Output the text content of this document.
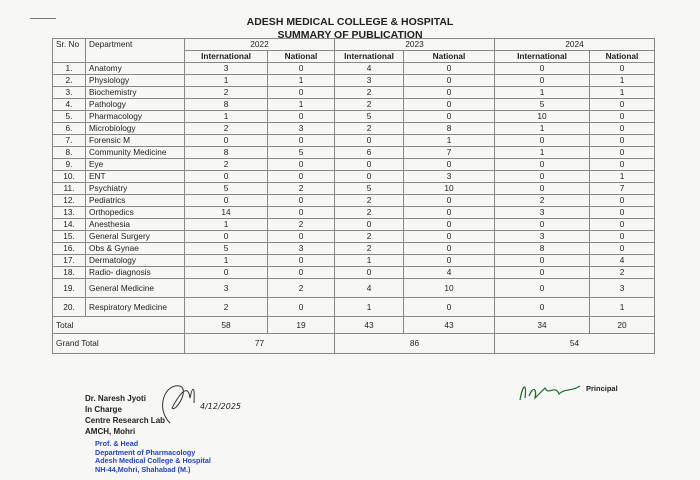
ADESH MEDICAL COLLEGE & HOSPITAL
SUMMARY OF PUBLICATION
Sr. No	Department	2022		2023		2024	
		International	National	International	National	International	National
1.	Anatomy	3	0	4	0	0	0
2.	Physiology	1	1	3	0	0	1
3.	Biochemistry	2	0	2	0	1	1
4.	Pathology	8	1	2	0	5	0
5.	Pharmacology	1	0	5	0	10	0
6.	Microbiology	2	3	2	8	1	0
7.	Forensic M	0	0	0	1	0	0
8.	Community Medicine	8	5	6	7	1	0
9.	Eye	2	0	0	0	0	0
10.	ENT	0	0	0	3	0	1
11.	Psychiatry	5	2	5	10	0	7
12.	Pediatrics	0	0	2	0	2	0
13.	Orthopedics	14	0	2	0	3	0
14.	Anesthesia	1	2	0	0	0	0
15.	General Surgery	0	0	2	0	3	0
16.	Obs & Gynae	5	3	2	0	8	0
17.	Dermatology	1	0	1	0	0	4
18.	Radio- diagnosis	0	0	0	4	0	2
19.	General Medicine	3	2	4	10	0	3
20.	Respiratory Medicine	2	0	1	0	0	1
Total		58	19	43	43	34	20
Grand Total		77		86		54	
Dr. Naresh Jyoti
In Charge
Centre Research Lab
AMCH, Mohri
4/12/2025
Prof. & Head
Department of Pharmacology
Adesh Medical College & Hospital
NH-44,Mohri, Shahabad (M.)
Principal
